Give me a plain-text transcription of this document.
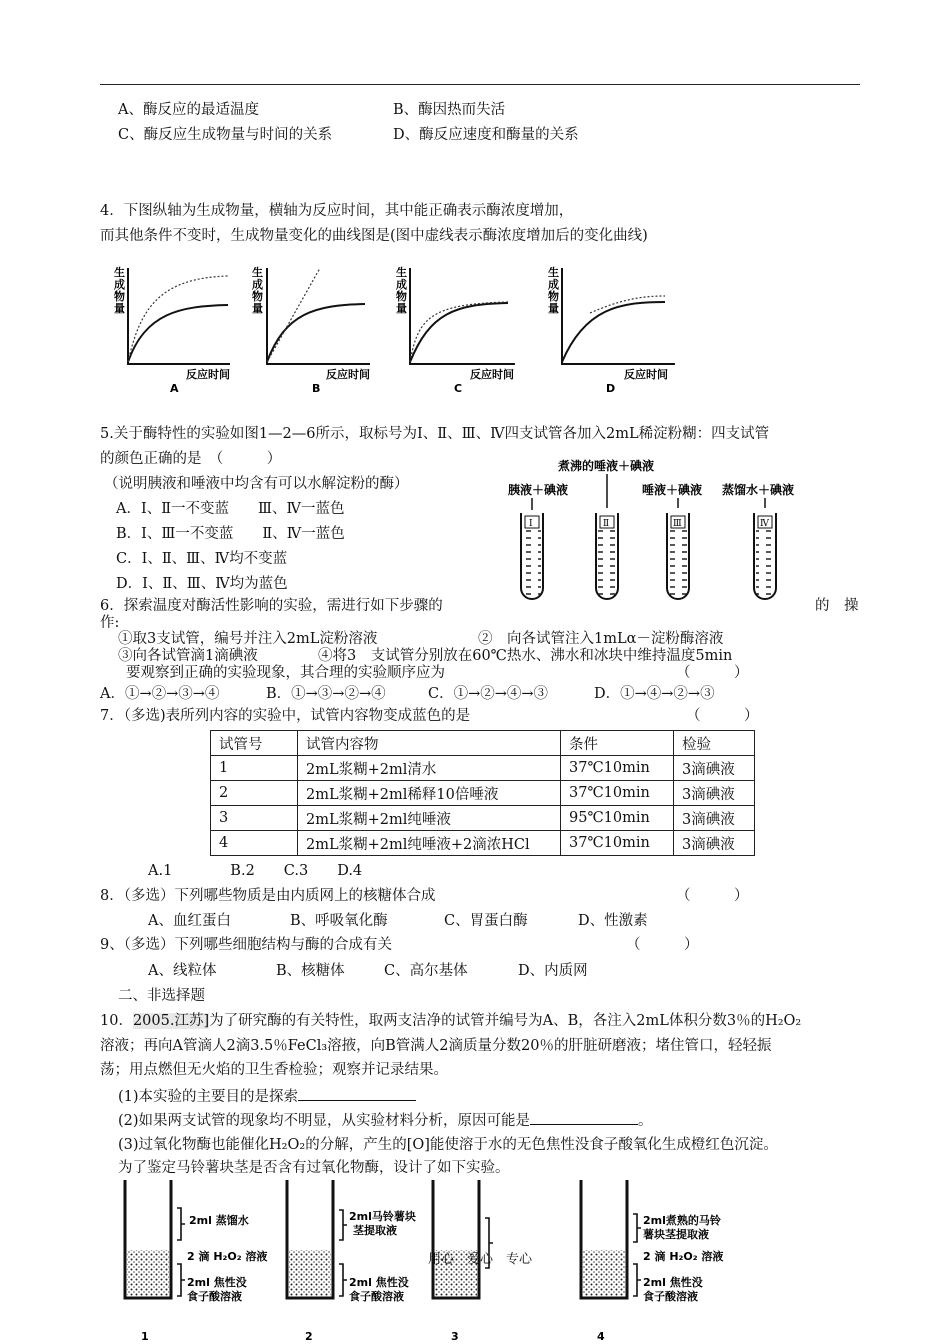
A、酶反应的最适温度	B、酶因热而失活
C、酶反应生成物量与时间的关系	D、酶反应速度和酶量的关系
4．下图纵轴为生成物量，横轴为反应时间，其中能正确表示酶浓度增加，
而其他条件不变时，生成物量变化的曲线图是(图中虚线表示酶浓度增加后的变化曲线)
生成物量
反应时间
A
生成物量
反应时间
B
生成物量
反应时间
C
生成物量
反应时间
D
5.关于酶特性的实验如图1—2—6所示，取标号为Ⅰ、Ⅱ、Ⅲ、Ⅳ四支试管各加入2mL稀淀粉糊：四支试管
的颜色正确的是　（　　　）
（说明胰液和唾液中均含有可以水解淀粉的酶）
A．Ⅰ、Ⅱ一不变蓝　　Ⅲ、Ⅳ一蓝色
B．Ⅰ、Ⅲ一不变蓝　　Ⅱ、Ⅳ一蓝色
C．Ⅰ、Ⅱ、Ⅲ、Ⅳ均不变蓝
D．Ⅰ、Ⅱ、Ⅲ、Ⅳ均为蓝色
煮沸的唾液＋碘液
胰液＋碘液	唾液＋碘液 蒸馏水＋碘液
Ⅰ	Ⅱ	Ⅲ	Ⅳ
6．探索温度对酶活性影响的实验，需进行如下步骤的	的　操
作:
①取3支试管，编号并注入2mL淀粉溶液	②　向各试管注入1mLα－淀粉酶溶液
③向各试管滴1滴碘液	④将3　支试管分别放在60℃热水、沸水和冰块中维持温度5min
要观察到正确的实验现象，其合理的实验顺序应为	（　　　）
A．①→②→③→④	B．①→③→②→④	C．①→②→④→③	D．①→④→②→③
7．（多选)表所列内容的实验中，试管内容物变成蓝色的是	（　　　）
试管号	试管内容物	条件	检验
1	2mL浆糊+2ml清水	37℃10min	3滴碘液
2	2mL浆糊+2ml稀释10倍唾液	37℃10min	3滴碘液
3	2mL浆糊+2ml纯唾液	95℃10min	3滴碘液
4	2mL浆糊+2ml纯唾液+2滴浓HCl	37℃10min	3滴碘液
A.1　　　　B.2　　C.3　　D.4
8．（多选）下列哪些物质是由内质网上的核糖体合成	（　　　）
A、血红蛋白	B、呼吸氧化酶	C、胃蛋白酶	D、性激素
9、（多选）下列哪些细胞结构与酶的合成有关	（　　　）
A、线粒体	B、核糖体	C、高尔基体	D、内质网
二、非选择题
10．2005.江苏]为了研究酶的有关特性，取两支洁净的试管并编号为A、B，各注入2mL体积分数3％的H₂O₂
溶液；再向A管滴人2滴3.5％FeCl₃溶掖，向B管满人2滴质量分数20％的肝脏研磨液；堵住管口，轻轻振
荡；用点燃但无火焰的卫生香检验；观察并记录结果。
(1)本实验的主要目的是探索
(2)如果两支试管的现象均不明显，从实验材料分析，原因可能是	。
(3)过氧化物酶也能催化H₂O₂的分解，产生的[O]能使溶于水的无色焦性没食子酸氧化生成橙红色沉淀。
为了鉴定马铃薯块茎是否含有过氧化物酶，设计了如下实验。
2ml 蒸馏水
2 滴 H₂O₂ 溶液
2ml 焦性没
食子酸溶液
1
2ml马铃薯块
茎提取液
2ml 焦性没
食子酸溶液
2	3
2ml煮熟的马铃
薯块茎提取液
2 滴 H₂O₂ 溶液
2ml 焦性没
食子酸溶液
4
用心　爱心　专心
